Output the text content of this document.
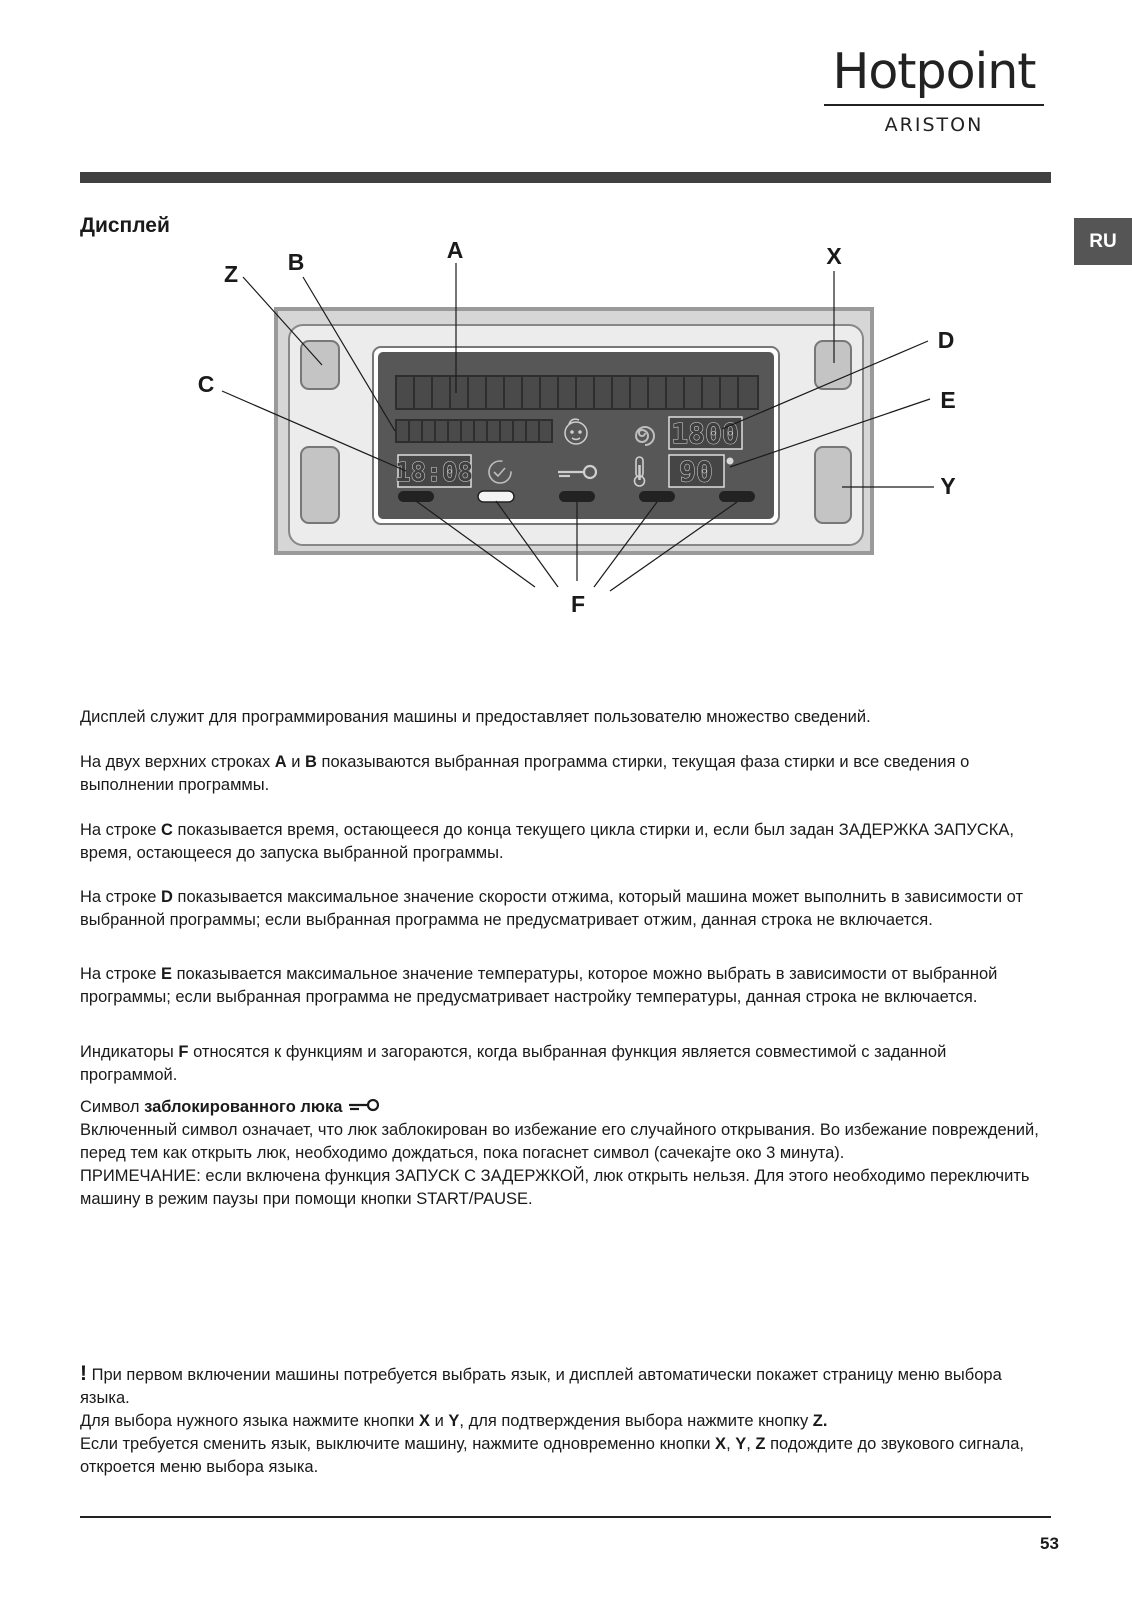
Hotpoint
ARISTON
RU
Дисплей
1800
18:08	90
A
B
Z
C
X
D
E
Y
F

Дисплей служит для программирования машины и предоставляет пользователю множество сведений.

На двух верхних строках A и B показываются выбранная программа стирки, текущая фаза стирки и все сведения о выполнении программы.

На строке C показывается время, остающееся до конца текущего цикла стирки и, если был задан ЗАДЕРЖКА ЗАПУСКА, время, остающееся до запуска выбранной программы.

На строке D показывается максимальное значение скорости отжима, который машина может выполнить в зависимости от выбранной программы; если выбранная программа не предусматривает отжим, данная строка не включается.

На строке E показывается максимальное значение температуры, которое можно выбрать в зависимости от выбранной программы; если выбранная программа не предусматривает настройку температуры, данная строка не включается.

Индикаторы F относятся к функциям и загораются, когда выбранная функция является совместимой с заданной программой.

Символ заблокированного люка
Включенный символ означает, что люк заблокирован во избежание его случайного открывания. Во избежание повреждений, перед тем как открыть люк, необходимо дождаться, пока погаснет символ (сачекајте око 3 минута).
ПРИМЕЧАНИЕ: если включена функция ЗАПУСК С ЗАДЕРЖКОЙ, люк открыть нельзя. Для этого необходимо переключить машину в режим паузы при помощи кнопки START/PAUSE.
! При первом включении машины потребуется выбрать язык, и дисплей автоматически покажет страницу меню выбора языка.
Для выбора нужного языка нажмите кнопки X и Y, для подтверждения выбора нажмите кнопку Z.
Если требуется сменить язык, выключите машину, нажмите одновременно кнопки X, Y, Z подождите до звукового сигнала, откроется меню выбора языка.
53
